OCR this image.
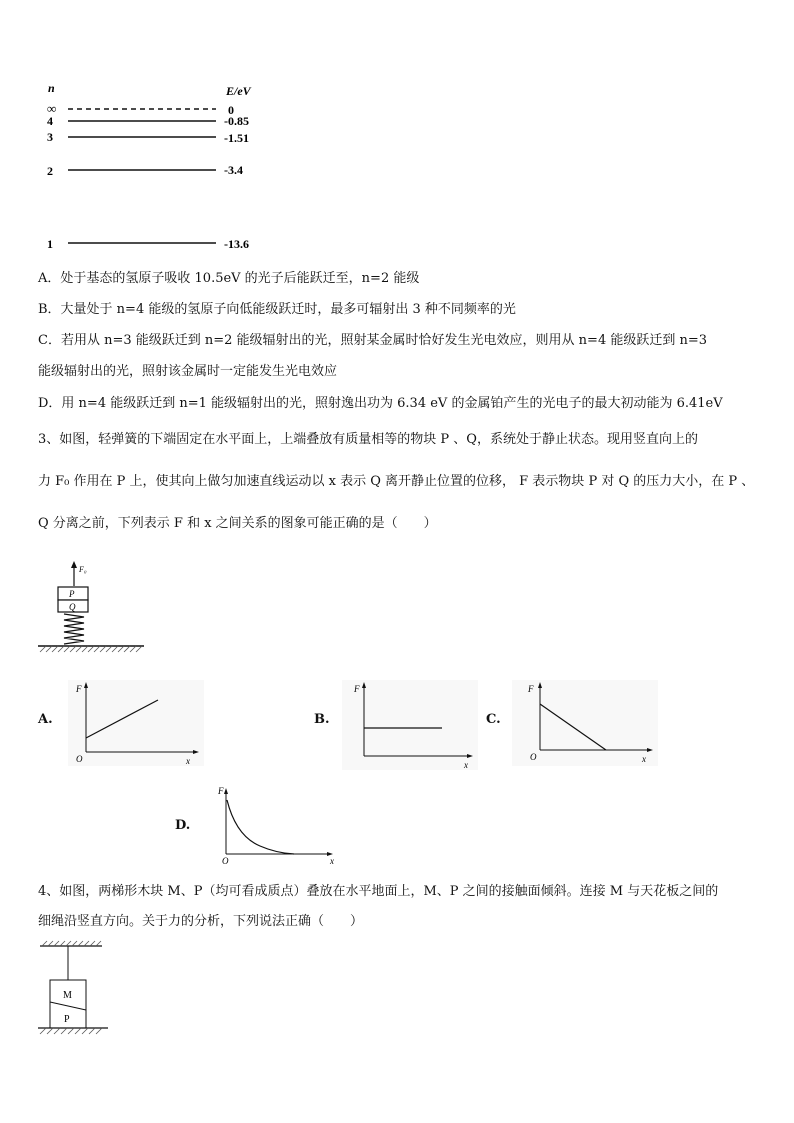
n	E/eV
∞	0
4	-0.85
3	-1.51
2	-3.4
1	-13.6
A．处于基态的氢原子吸收 10.5eV 的光子后能跃迁至，n=2 能级
B．大量处于 n=4 能级的氢原子向低能级跃迁时，最多可辐射出 3 种不同频率的光
C．若用从 n=3 能级跃迁到 n=2 能级辐射出的光，照射某金属时恰好发生光电效应，则用从 n=4 能级跃迁到 n=3
能级辐射出的光，照射该金属时一定能发生光电效应
D．用 n=4 能级跃迁到 n=1 能级辐射出的光，照射逸出功为 6.34 eV 的金属铂产生的光电子的最大初动能为 6.41eV
3、如图，轻弹簧的下端固定在水平面上，上端叠放有质量相等的物块 P 、Q，系统处于静止状态。现用竖直向上的
力 F₀ 作用在 P 上，使其向上做匀加速直线运动以 x 表示 Q 离开静止位置的位移， F 表示物块 P 对 Q 的压力大小，在 P 、
Q 分离之前，下列表示 F 和 x 之间关系的图象可能正确的是（　　）
F₀
P
Q
A.
F
x
O
B.
F
x
C.
F
x
O
D.
F
x
O
4、如图，两梯形木块 M、P（均可看成质点）叠放在水平地面上，M、P 之间的接触面倾斜。连接 M 与天花板之间的
细绳沿竖直方向。关于力的分析，下列说法正确（　　）
M
P
